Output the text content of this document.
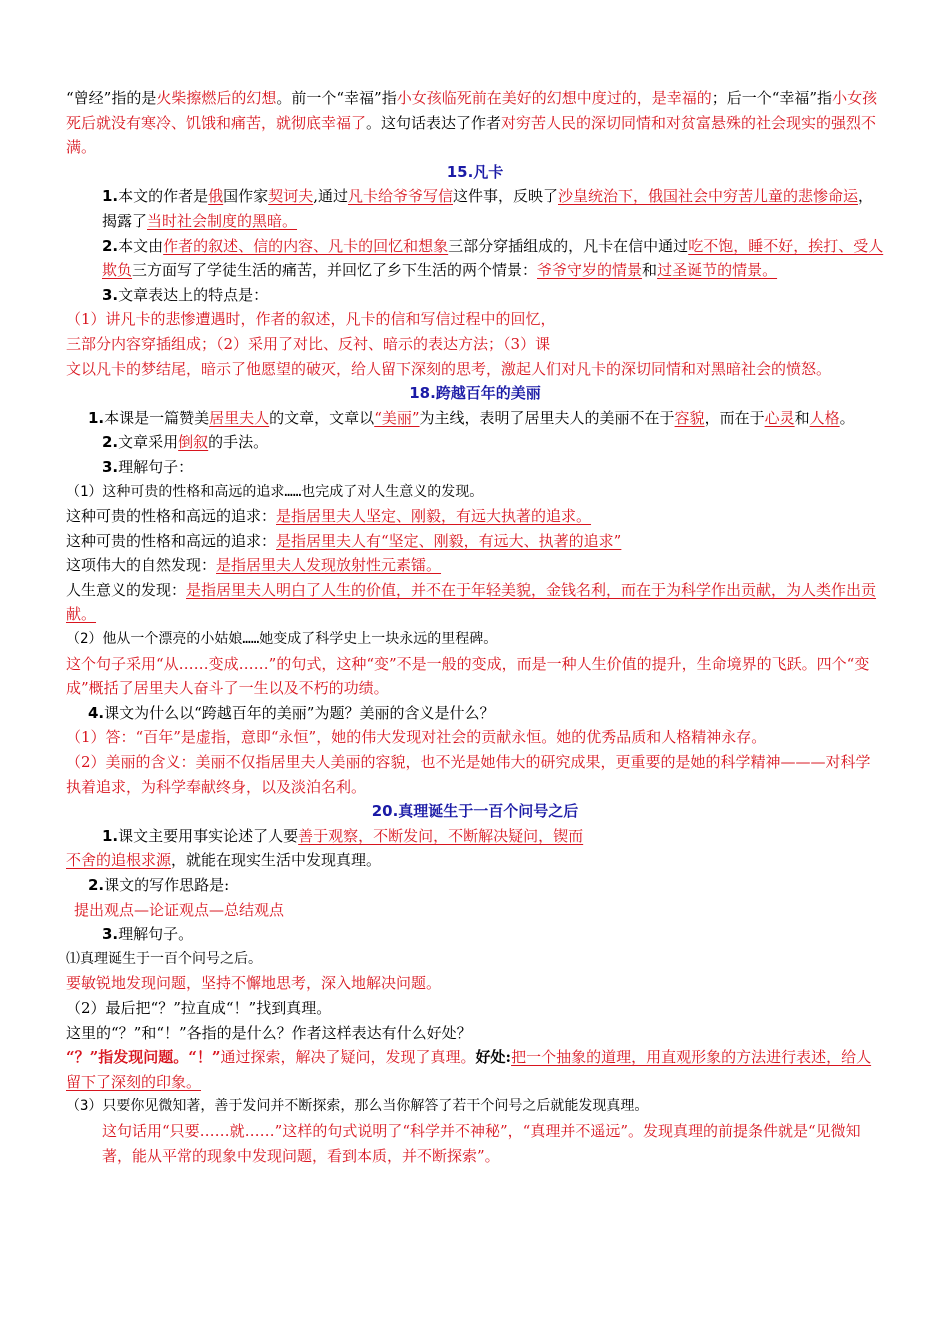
“曾经”指的是火柴擦燃后的幻想。前一个“幸福”指小女孩临死前在美好的幻想中度过的，是幸福的；后一个“幸福”指小女孩死后就没有寒冷、饥饿和痛苦，就彻底幸福了。这句话表达了作者对穷苦人民的深切同情和对贫富悬殊的社会现实的强烈不满。

15.凡卡

1.本文的作者是俄国作家契诃夫,通过凡卡给爷爷写信这件事，反映了沙皇统治下，俄国社会中穷苦儿童的悲惨命运，揭露了当时社会制度的黑暗。

2.本文由作者的叙述、信的内容、凡卡的回忆和想象三部分穿插组成的，凡卡在信中通过吃不饱，睡不好，挨打、受人欺负三方面写了学徒生活的痛苦，并回忆了乡下生活的两个情景：爷爷守岁的情景和过圣诞节的情景。

3.文章表达上的特点是：

（1）讲凡卡的悲惨遭遇时，作者的叙述，凡卡的信和写信过程中的回忆，

三部分内容穿插组成；（2）采用了对比、反衬、暗示的表达方法；（3）课

文以凡卡的梦结尾，暗示了他愿望的破灭，给人留下深刻的思考，激起人们对凡卡的深切同情和对黑暗社会的愤怒。

18.跨越百年的美丽

1.本课是一篇赞美居里夫人的文章，文章以“美丽”为主线，表明了居里夫人的美丽不在于容貌，而在于心灵和人格。

2.文章采用倒叙的手法。

3.理解句子：

（1）这种可贵的性格和高远的追求……也完成了对人生意义的发现。

这种可贵的性格和高远的追求：是指居里夫人坚定、刚毅，有远大执著的追求。

这种可贵的性格和高远的追求：是指居里夫人有“坚定、刚毅，有远大、执著的追求”

这项伟大的自然发现：是指居里夫人发现放射性元素镭。

人生意义的发现：是指居里夫人明白了人生的价值，并不在于年轻美貌，金钱名利，而在于为科学作出贡献，为人类作出贡献。

（2）他从一个漂亮的小姑娘……她变成了科学史上一块永远的里程碑。

这个句子采用“从……变成……”的句式，这种“变”不是一般的变成，而是一种人生价值的提升，生命境界的飞跃。四个“变成”概括了居里夫人奋斗了一生以及不朽的功绩。

4.课文为什么以“跨越百年的美丽”为题？美丽的含义是什么？

（1）答：“百年”是虚指，意即“永恒”，她的伟大发现对社会的贡献永恒。她的优秀品质和人格精神永存。

（2）美丽的含义：美丽不仅指居里夫人美丽的容貌，也不光是她伟大的研究成果，更重要的是她的科学精神———对科学执着追求，为科学奉献终身，以及淡泊名利。

20.真理诞生于一百个问号之后

1.课文主要用事实论述了人要善于观察，不断发问，不断解决疑问，锲而

不舍的追根求源，就能在现实生活中发现真理。

2.课文的写作思路是:

提出观点—论证观点—总结观点

3.理解句子。

⑴真理诞生于一百个问号之后。

要敏锐地发现问题，坚持不懈地思考，深入地解决问题。

（2）最后把“？”拉直成“！”找到真理。

这里的“？”和“！”各指的是什么？作者这样表达有什么好处？

“？”指发现问题。“！”通过探索，解决了疑问，发现了真理。好处:把一个抽象的道理，用直观形象的方法进行表述，给人留下了深刻的印象。

（3）只要你见微知著，善于发问并不断探索，那么当你解答了若干个问号之后就能发现真理。

这句话用“只要……就……”这样的句式说明了“科学并不神秘”，“真理并不遥远”。发现真理的前提条件就是“见微知著，能从平常的现象中发现问题，看到本质，并不断探索”。
